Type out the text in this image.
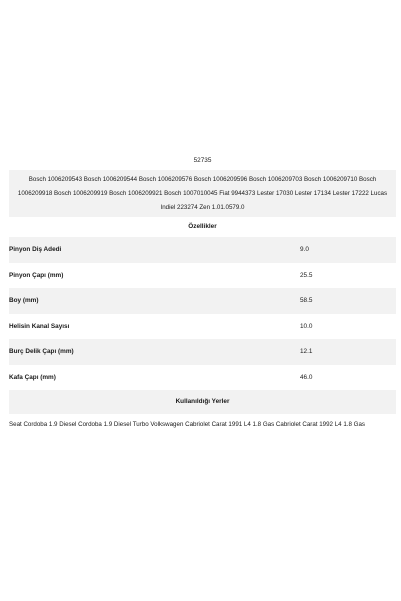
52735
Bosch 1006209543 Bosch 1006209544 Bosch 1006209576 Bosch 1006209596 Bosch 1006209703 Bosch 1006209710 Bosch
1006209918 Bosch 1006209919 Bosch 1006209921 Bosch 1007010045 Fiat 9944373 Lester 17030 Lester 17134 Lester 17222 Lucas
Indiel 223274 Zen 1.01.0579.0
Özellikler
Pinyon Diş Adedi	9.0
Pinyon Çapı (mm)	25.5
Boy (mm)	58.5
Helisin Kanal Sayısı	10.0
Burç Delik Çapı (mm)	12.1
Kafa Çapı (mm)	46.0
Kullanıldığı Yerler
Seat Cordoba 1.9 Diesel Cordoba 1.9 Diesel Turbo Volkswagen Cabriolet Carat 1991 L4 1.8 Gas Cabriolet Carat 1992 L4 1.8 Gas
